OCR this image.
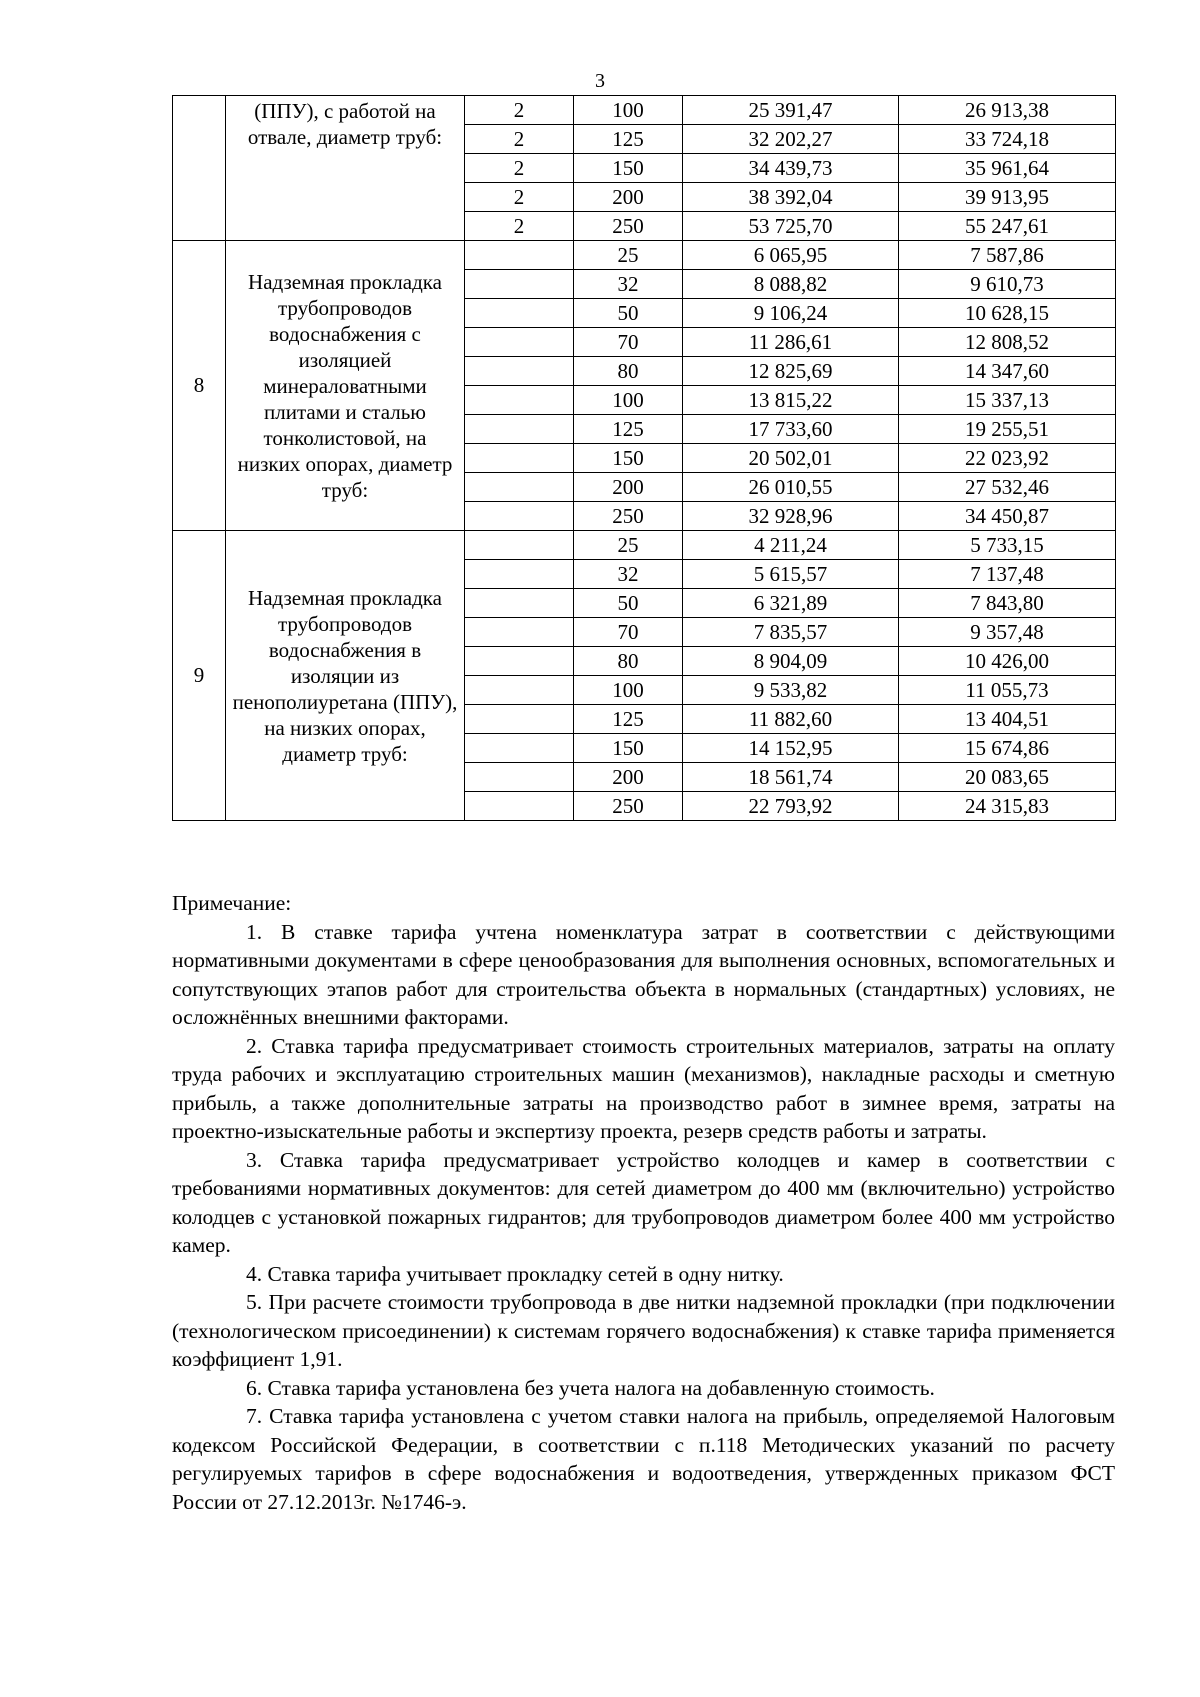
3
	(ППУ), с работой на отвале, диаметр труб:	2	100	25 391,47	26 913,38
		2	125	32 202,27	33 724,18
		2	150	34 439,73	35 961,64
		2	200	38 392,04	39 913,95
		2	250	53 725,70	55 247,61
8	Надземная прокладка трубопроводов водоснабжения с изоляцией минераловатными плитами и сталью тонколистовой, на низких опорах, диаметр труб:		25	6 065,95	7 587,86
			32	8 088,82	9 610,73
			50	9 106,24	10 628,15
			70	11 286,61	12 808,52
			80	12 825,69	14 347,60
			100	13 815,22	15 337,13
			125	17 733,60	19 255,51
			150	20 502,01	22 023,92
			200	26 010,55	27 532,46
			250	32 928,96	34 450,87
9	Надземная прокладка трубопроводов водоснабжения в изоляции из пенополиуретана (ППУ), на низких опорах, диаметр труб:		25	4 211,24	5 733,15
			32	5 615,57	7 137,48
			50	6 321,89	7 843,80
			70	7 835,57	9 357,48
			80	8 904,09	10 426,00
			100	9 533,82	11 055,73
			125	11 882,60	13 404,51
			150	14 152,95	15 674,86
			200	18 561,74	20 083,65
			250	22 793,92	24 315,83

Примечание:

1. В ставке тарифа учтена номенклатура затрат в соответствии с действующими нормативными документами в сфере ценообразования для выполнения основных, вспомогательных и сопутствующих этапов работ для строительства объекта в нормальных (стандартных) условиях, не осложнённых внешними факторами.

2. Ставка тарифа предусматривает стоимость строительных материалов, затраты на оплату труда рабочих и эксплуатацию строительных машин (механизмов), накладные расходы и сметную прибыль, а также дополнительные затраты на производство работ в зимнее время, затраты на проектно-изыскательные работы и экспертизу проекта, резерв средств работы и затраты.

3. Ставка тарифа предусматривает устройство колодцев и камер в соответствии с требованиями нормативных документов: для сетей диаметром до 400 мм (включительно) устройство колодцев с установкой пожарных гидрантов; для трубопроводов диаметром более 400 мм устройство камер.

4. Ставка тарифа учитывает прокладку сетей в одну нитку.

5. При расчете стоимости трубопровода в две нитки надземной прокладки (при подключении (технологическом присоединении) к системам горячего водоснабжения) к ставке тарифа применяется коэффициент 1,91.

6. Ставка тарифа установлена без учета налога на добавленную стоимость.

7. Ставка тарифа установлена с учетом ставки налога на прибыль, определяемой Налоговым кодексом Российской Федерации, в соответствии с п.118 Методических указаний по расчету регулируемых тарифов в сфере водоснабжения и водоотведения, утвержденных приказом ФСТ России от 27.12.2013г. №1746-э.
